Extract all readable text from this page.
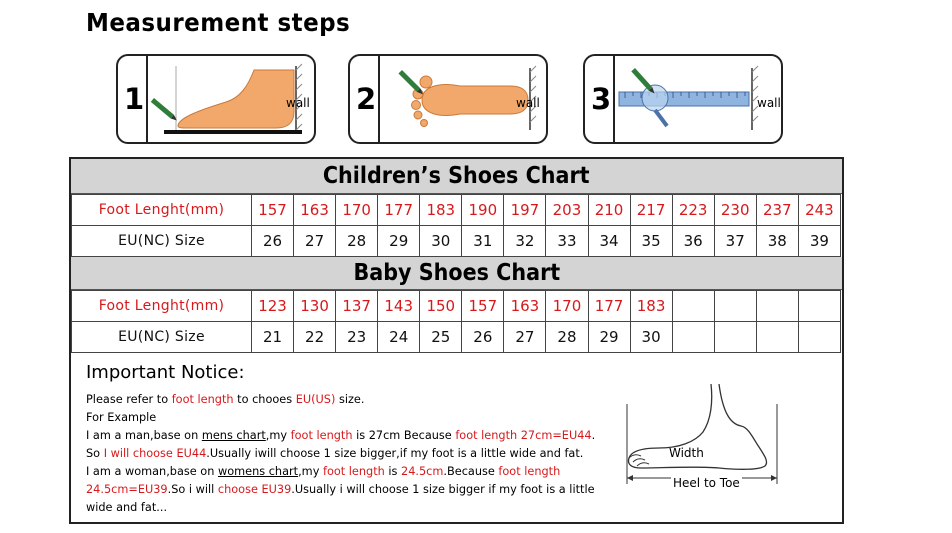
Measurement steps
1	wall 2	wall 3	wall
Children’s Shoes Chart
Foot Lenght(mm)	157	163	170	177	183	190	197	203	210	217	223	230	237	243
EU(NC) Size	26	27	28	29	30	31	32	33	34	35	36	37	38	39
Baby Shoes Chart
Foot Lenght(mm)	123	130	137	143	150	157	163	170	177	183				
EU(NC) Size	21	22	23	24	25	26	27	28	29	30				
Important Notice:

Please refer to foot length to chooes EU(US) size.

For Example

I am a man,base on mens chart,my foot length is 27cm Because foot length 27cm=EU44.

So I will choose EU44.Usually iwill choose 1 size bigger,if my foot is a little wide and fat.

I am a woman,base on womens chart,my foot length is 24.5cm.Because foot length

24.5cm=EU39.So i will choose EU39.Usually i will choose 1 size bigger if my foot is a little

wide and fat...

Width
Heel to Toe
